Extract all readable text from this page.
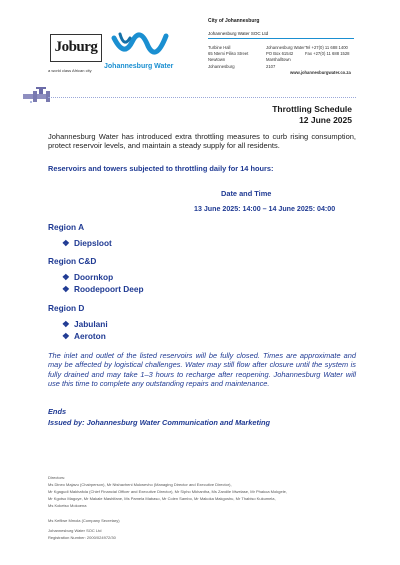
Joburg
a world class African city
Johannesburg Water
City of Johannesburg
Johannesburg Water SOC Ltd
Turbine Hall
65 Ntemi Piliso Street
Newtown
Johannesburg
Johannesburg Water
PO Box 61542
Marshalltown
2107
Tel +27(0) 11 688 1400
Fax +27(0) 11 688 1528
www.johannesburgwater.co.za
Throttling Schedule
12 June 2025
Johannesburg Water has introduced extra throttling measures to curb rising consumption, protect reservoir levels, and maintain a steady supply for all residents.
Reservoirs and towers subjected to throttling daily for 14 hours:
Date and Time
13 June 2025: 14:00 – 14 June 2025: 04:00
Region A
❖ Diepsloot
Region C&D
❖ Doornkop
❖ Roodepoort Deep
Region D
❖ Jabulani
❖ Aeroton
The inlet and outlet of the listed reservoirs will be fully closed. Times are approximate and may be affected by logistical challenges. Water may still flow after closure until the system is fully drained and may take 1–3 hours to recharge after reopening. Johannesburg Water will use this time to complete any outstanding repairs and maintenance.
Ends
Issued by: Johannesburg Water Communication and Marketing
Directors:
Ms Dineo Majavu (Chairperson), Mr Ntshavheni Mukwevho (Managing Director and Executive Director),
Mr Kgagudi Makhafola (Chief Financial Officer and Executive Director), Mr Sipho Mkhantha, Ms Zandile Mwelase, Mr Phakoa Mokgele,
Mr Kgotso Magoye, Mr Makale Mashifane, Ms Pamela Mabaso, Mr Colen Sambo, Mr Makoka Makgoshu, Mr Thabiso Kukumela,
Ms Koketso Mokoena
Ms Kefilwe Mmola (Company Secretary)
Johannesburg Water SOC Ltd
Registration Number: 2000/024972/30
